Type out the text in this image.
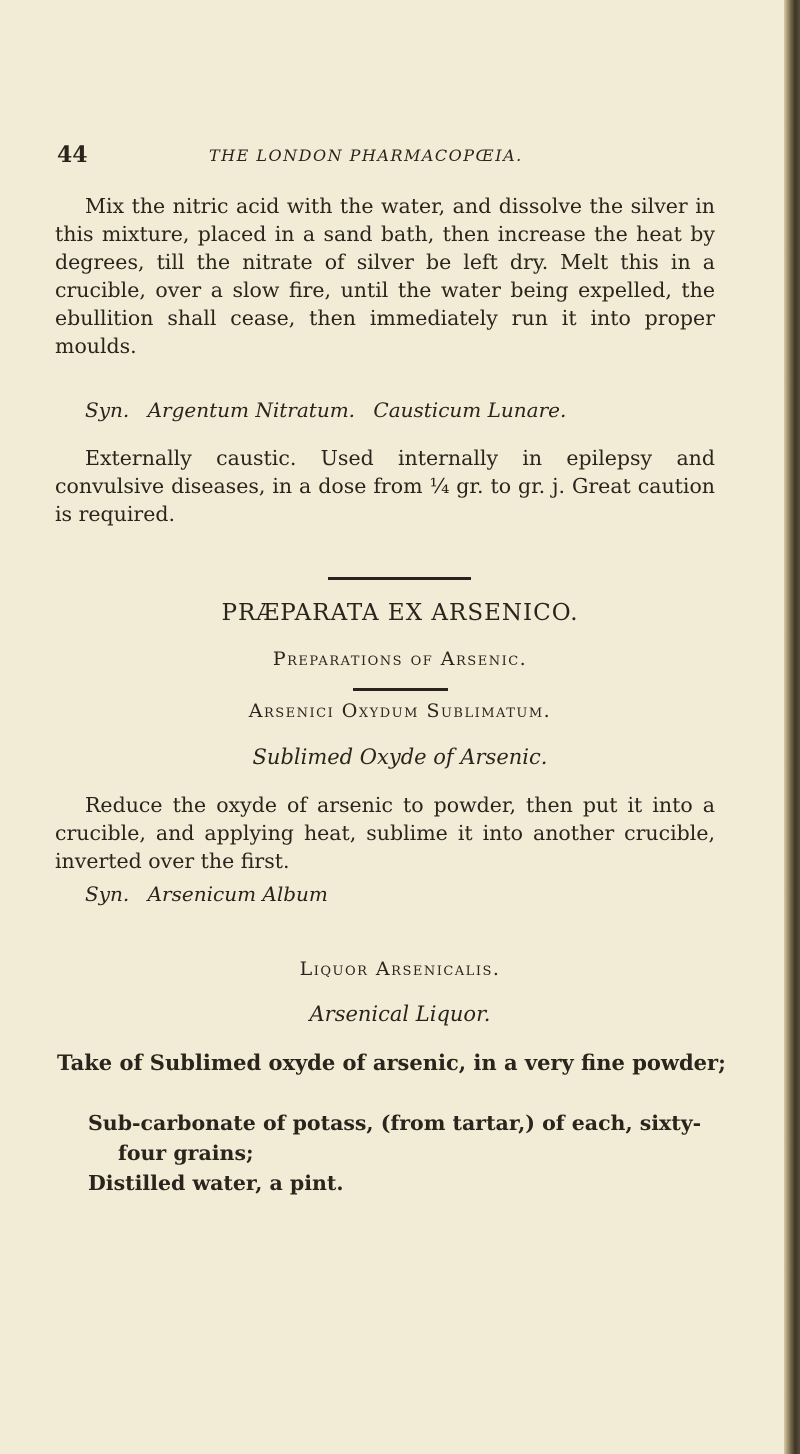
44	THE LONDON PHARMACOPŒIA.

Mix the nitric acid with the water, and dissolve the silver in this mixture, placed in a sand bath, then increase the heat by degrees, till the nitrate of silver be left dry. Melt this in a crucible, over a slow fire, until the water being expelled, the ebullition shall cease, then immediately run it into proper moulds.

Syn. Argentum Nitratum. Causticum Lunare.

Externally caustic. Used internally in epilepsy and convulsive diseases, in a dose from ¼ gr. to gr. j. Great caution is required.

PRÆPARATA EX ARSENICO.

Preparations of Arsenic.

Arsenici Oxydum Sublimatum.

Sublimed Oxyde of Arsenic.

Reduce the oxyde of arsenic to powder, then put it into a crucible, and applying heat, sublime it into another crucible, inverted over the first.

Syn. Arsenicum Album

Liquor Arsenicalis.

Arsenical Liquor.

Take of Sublimed oxyde of arsenic, in a very fine powder;

Sub-carbonate of potass, (from tartar,) of each, sixty-four grains;

Distilled water, a pint.
